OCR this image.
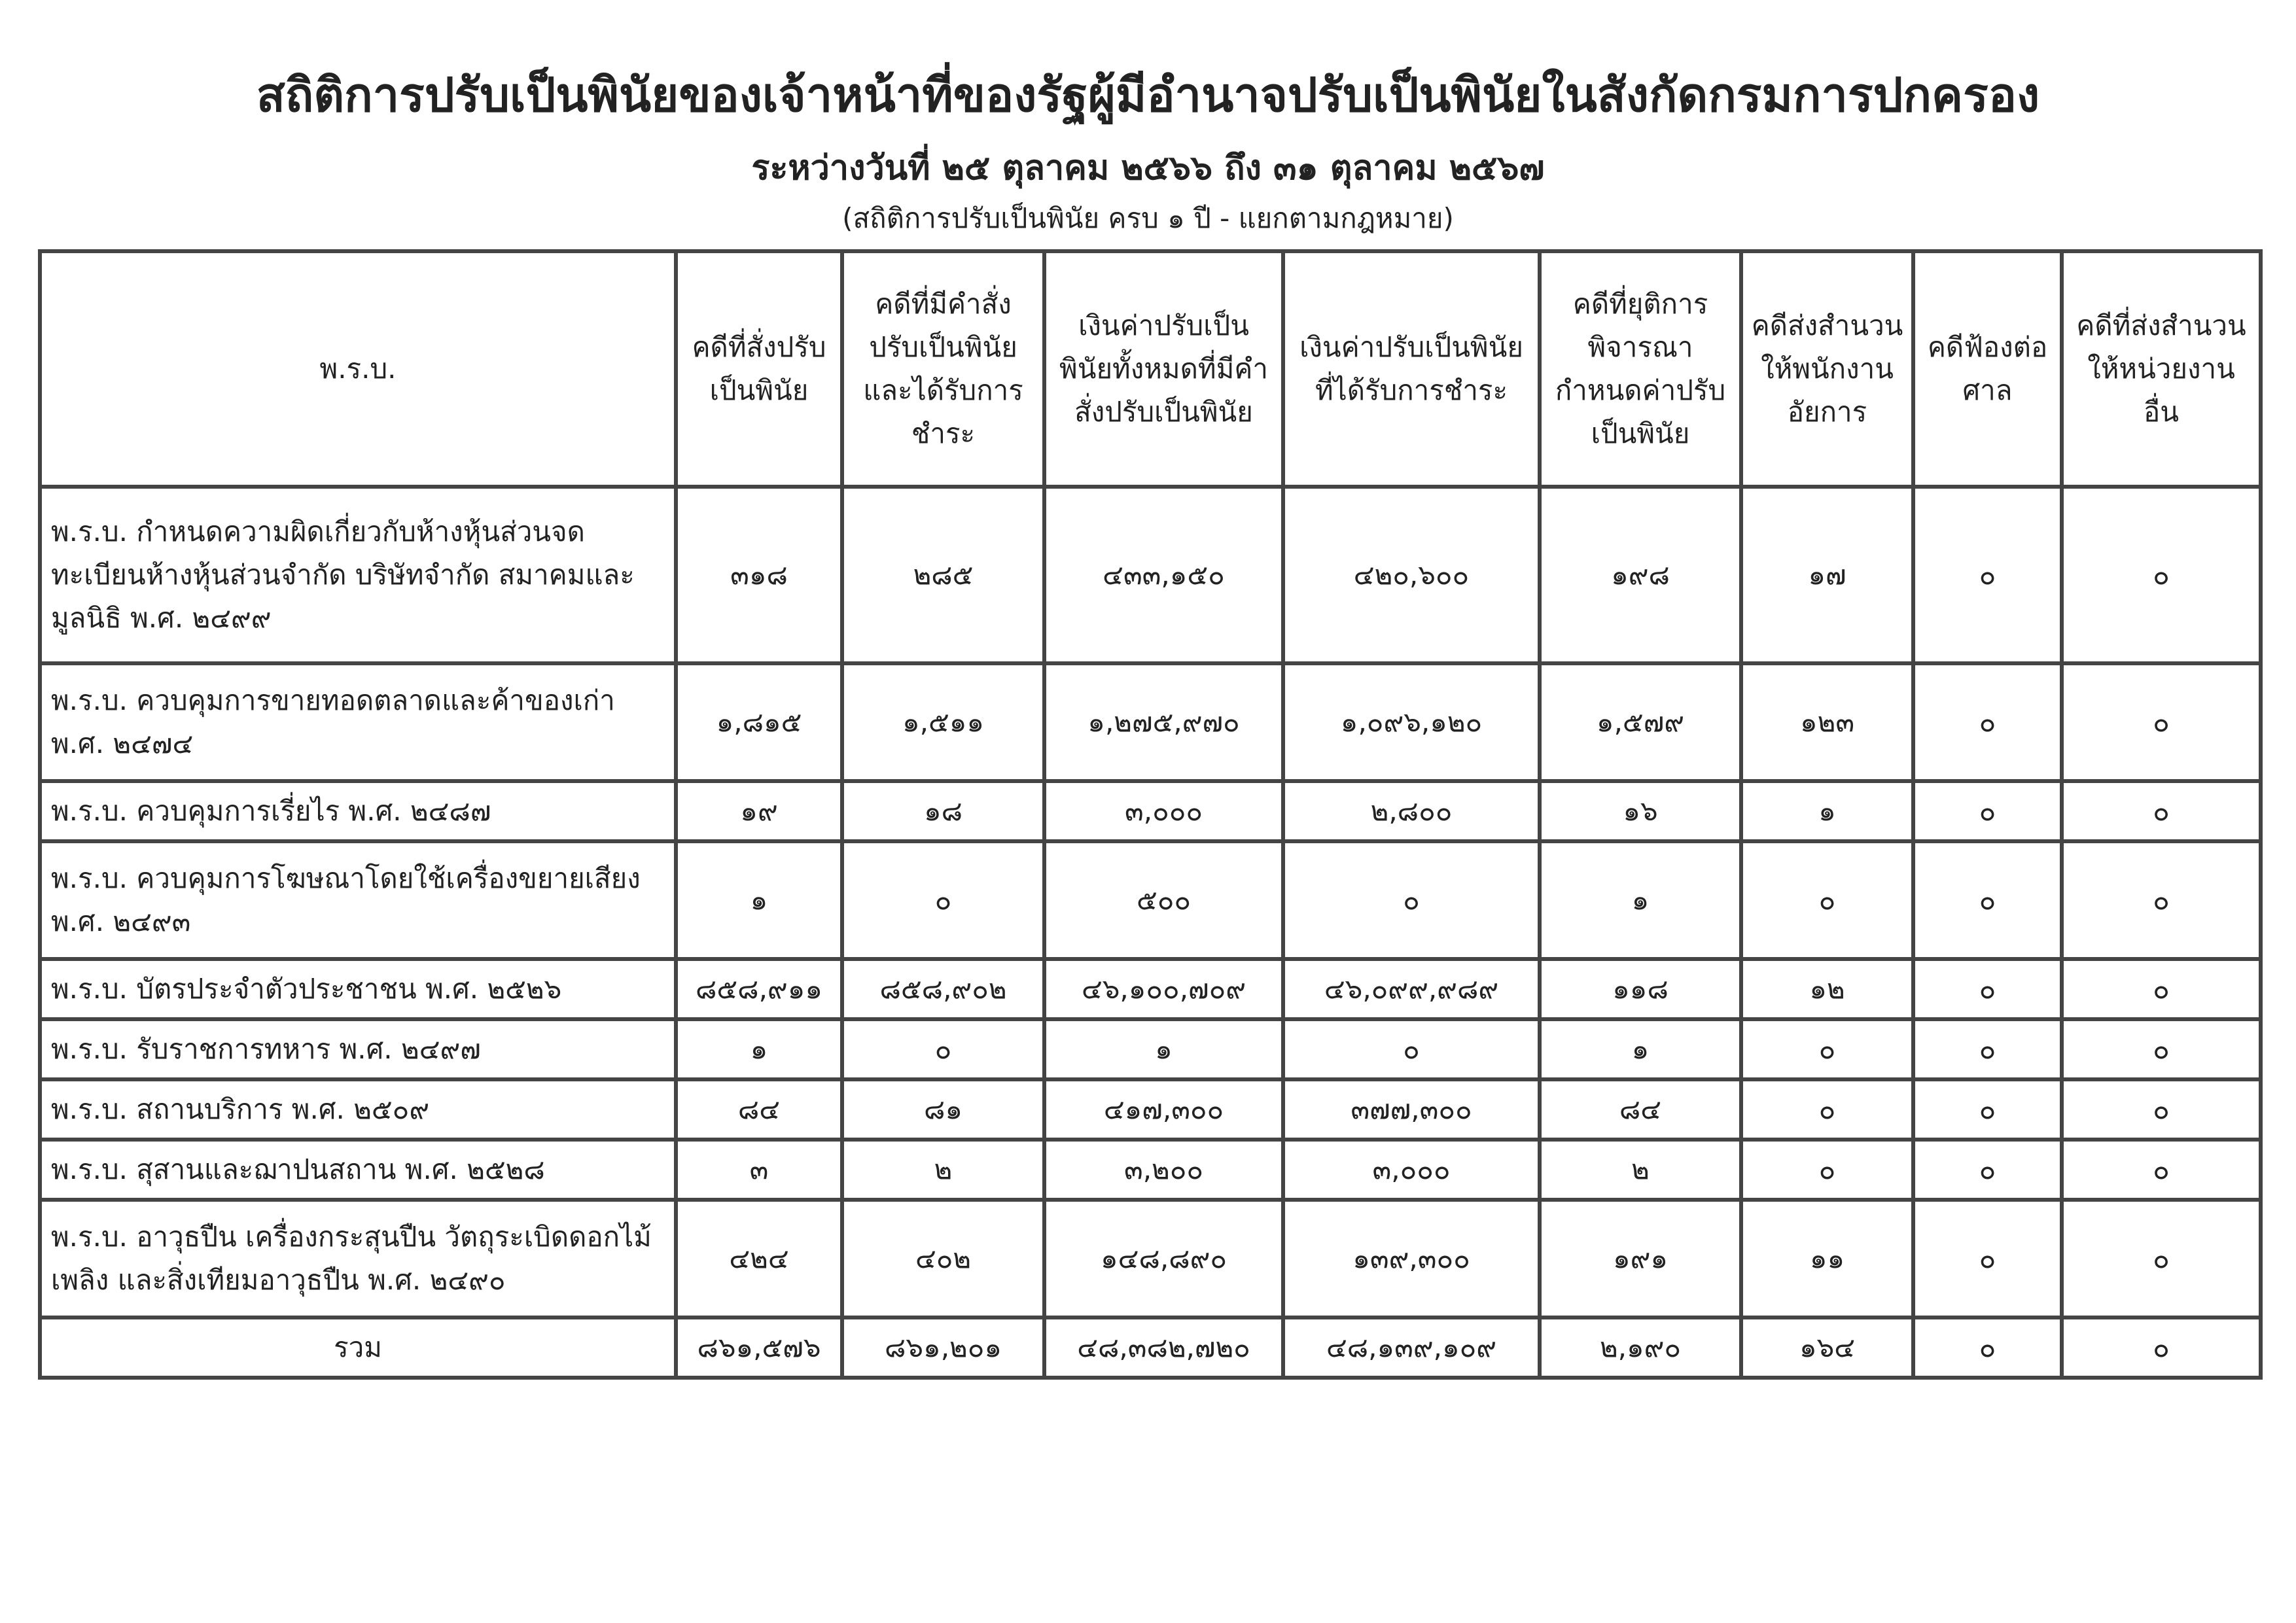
สถิติการปรับเป็นพินัยของเจ้าหน้าที่ของรัฐผู้มีอำนาจปรับเป็นพินัยในสังกัดกรมการปกครอง
ระหว่างวันที่ ๒๕ ตุลาคม ๒๕๖๖ ถึง ๓๑ ตุลาคม ๒๕๖๗
(สถิติการปรับเป็นพินัย ครบ ๑ ปี - แยกตามกฎหมาย)
พ.ร.บ.	คดีที่สั่งปรับเป็นพินัย	คดีที่มีคำสั่งปรับเป็นพินัยและได้รับการชำระ	เงินค่าปรับเป็นพินัยทั้งหมดที่มีคำสั่งปรับเป็นพินัย	เงินค่าปรับเป็นพินัยที่ได้รับการชำระ	คดีที่ยุติการพิจารณากำหนดค่าปรับเป็นพินัย	คดีส่งสำนวนให้พนักงานอัยการ	คดีฟ้องต่อศาล	คดีที่ส่งสำนวนให้หน่วยงานอื่น
พ.ร.บ. กำหนดความผิดเกี่ยวกับห้างหุ้นส่วนจดทะเบียนห้างหุ้นส่วนจำกัด บริษัทจำกัด สมาคมและมูลนิธิ พ.ศ. ๒๔๙๙	๓๑๘	๒๘๕	๔๓๓,๑๕๐	๔๒๐,๖๐๐	๑๙๘	๑๗	๐	๐
พ.ร.บ. ควบคุมการขายทอดตลาดและค้าของเก่า พ.ศ. ๒๔๗๔	๑,๘๑๕	๑,๕๑๑	๑,๒๗๕,๙๗๐	๑,๐๙๖,๑๒๐	๑,๕๗๙	๑๒๓	๐	๐
พ.ร.บ. ควบคุมการเรี่ยไร พ.ศ. ๒๔๘๗	๑๙	๑๘	๓,๐๐๐	๒,๘๐๐	๑๖	๑	๐	๐
พ.ร.บ. ควบคุมการโฆษณาโดยใช้เครื่องขยายเสียง พ.ศ. ๒๔๙๓	๑	๐	๕๐๐	๐	๑	๐	๐	๐
พ.ร.บ. บัตรประจำตัวประชาชน พ.ศ. ๒๕๒๖	๘๕๘,๙๑๑	๘๕๘,๙๐๒	๔๖,๑๐๐,๗๐๙	๔๖,๐๙๙,๙๘๙	๑๑๘	๑๒	๐	๐
พ.ร.บ. รับราชการทหาร พ.ศ. ๒๔๙๗	๑	๐	๑	๐	๑	๐	๐	๐
พ.ร.บ. สถานบริการ พ.ศ. ๒๕๐๙	๘๔	๘๑	๔๑๗,๓๐๐	๓๗๗,๓๐๐	๘๔	๐	๐	๐
พ.ร.บ. สุสานและฌาปนสถาน พ.ศ. ๒๕๒๘	๓	๒	๓,๒๐๐	๓,๐๐๐	๒	๐	๐	๐
พ.ร.บ. อาวุธปืน เครื่องกระสุนปืน วัตถุระเบิดดอกไม้เพลิง และสิ่งเทียมอาวุธปืน พ.ศ. ๒๔๙๐	๔๒๔	๔๐๒	๑๔๘,๘๙๐	๑๓๙,๓๐๐	๑๙๑	๑๑	๐	๐
รวม	๘๖๑,๕๗๖	๘๖๑,๒๐๑	๔๘,๓๘๒,๗๒๐	๔๘,๑๓๙,๑๐๙	๒,๑๙๐	๑๖๔	๐	๐
